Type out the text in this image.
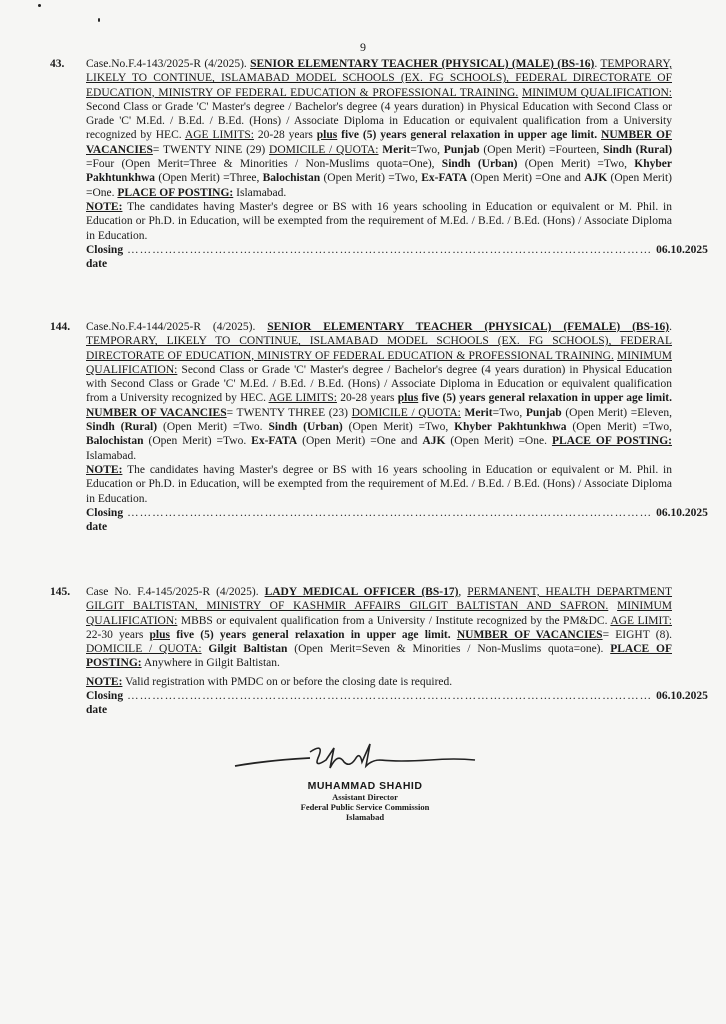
9
43.	Case.No.F.4-143/2025-R (4/2025). SENIOR ELEMENTARY TEACHER (PHYSICAL) (MALE) (BS-16). TEMPORARY, LIKELY TO CONTINUE, ISLAMABAD MODEL SCHOOLS (EX. FG SCHOOLS), FEDERAL DIRECTORATE OF EDUCATION, MINISTRY OF FEDERAL EDUCATION & PROFESSIONAL TRAINING. MINIMUM QUALIFICATION: Second Class or Grade 'C' Master's degree / Bachelor's degree (4 years duration) in Physical Education with Second Class or Grade 'C' M.Ed. / B.Ed. / B.Ed. (Hons) / Associate Diploma in Education or equivalent qualification from a University recognized by HEC. AGE LIMITS: 20-28 years plus five (5) years general relaxation in upper age limit. NUMBER OF VACANCIES= TWENTY NINE (29) DOMICILE / QUOTA: Merit=Two, Punjab (Open Merit) =Fourteen, Sindh (Rural) =Four (Open Merit=Three & Minorities / Non-Muslims quota=One), Sindh (Urban) (Open Merit) =Two, Khyber Pakhtunkhwa (Open Merit) =Three, Balochistan (Open Merit) =Two, Ex-FATA (Open Merit) =One and AJK (Open Merit) =One. PLACE OF POSTING: Islamabad.

NOTE: The candidates having Master's degree or BS with 16 years schooling in Education or equivalent or M. Phil. in Education or Ph.D. in Education, will be exempted from the requirement of M.Ed. / B.Ed. / B.Ed. (Hons) / Associate Diploma in Education.

Closing date
……………………………………………………………………………………………………………… 06.10.2025
144.	Case.No.F.4-144/2025-R (4/2025). SENIOR ELEMENTARY TEACHER (PHYSICAL) (FEMALE) (BS-16). TEMPORARY, LIKELY TO CONTINUE, ISLAMABAD MODEL SCHOOLS (EX. FG SCHOOLS), FEDERAL DIRECTORATE OF EDUCATION, MINISTRY OF FEDERAL EDUCATION & PROFESSIONAL TRAINING. MINIMUM QUALIFICATION: Second Class or Grade 'C' Master's degree / Bachelor's degree (4 years duration) in Physical Education with Second Class or Grade 'C' M.Ed. / B.Ed. / B.Ed. (Hons) / Associate Diploma in Education or equivalent qualification from a University recognized by HEC. AGE LIMITS: 20-28 years plus five (5) years general relaxation in upper age limit. NUMBER OF VACANCIES= TWENTY THREE (23) DOMICILE / QUOTA: Merit=Two, Punjab (Open Merit) =Eleven, Sindh (Rural) (Open Merit) =Two. Sindh (Urban) (Open Merit) =Two, Khyber Pakhtunkhwa (Open Merit) =Two, Balochistan (Open Merit) =Two. Ex-FATA (Open Merit) =One and AJK (Open Merit) =One. PLACE OF POSTING: Islamabad.

NOTE: The candidates having Master's degree or BS with 16 years schooling in Education or equivalent or M. Phil. in Education or Ph.D. in Education, will be exempted from the requirement of M.Ed. / B.Ed. / B.Ed. (Hons) / Associate Diploma in Education.

Closing date
……………………………………………………………………………………………………………… 06.10.2025
145.	Case No. F.4-145/2025-R (4/2025). LADY MEDICAL OFFICER (BS-17), PERMANENT, HEALTH DEPARTMENT GILGIT BALTISTAN, MINISTRY OF KASHMIR AFFAIRS GILGIT BALTISTAN AND SAFRON. MINIMUM QUALIFICATION: MBBS or equivalent qualification from a University / Institute recognized by the PM&DC. AGE LIMIT: 22-30 years plus five (5) years general relaxation in upper age limit. NUMBER OF VACANCIES= EIGHT (8). DOMICILE / QUOTA: Gilgit Baltistan (Open Merit=Seven & Minorities / Non-Muslims quota=one). PLACE OF POSTING: Anywhere in Gilgit Baltistan.

NOTE: Valid registration with PMDC on or before the closing date is required.

Closing date
……………………………………………………………………………………………………………… 06.10.2025
MUHAMMAD SHAHID
Assistant Director
Federal Public Service Commission
Islamabad
